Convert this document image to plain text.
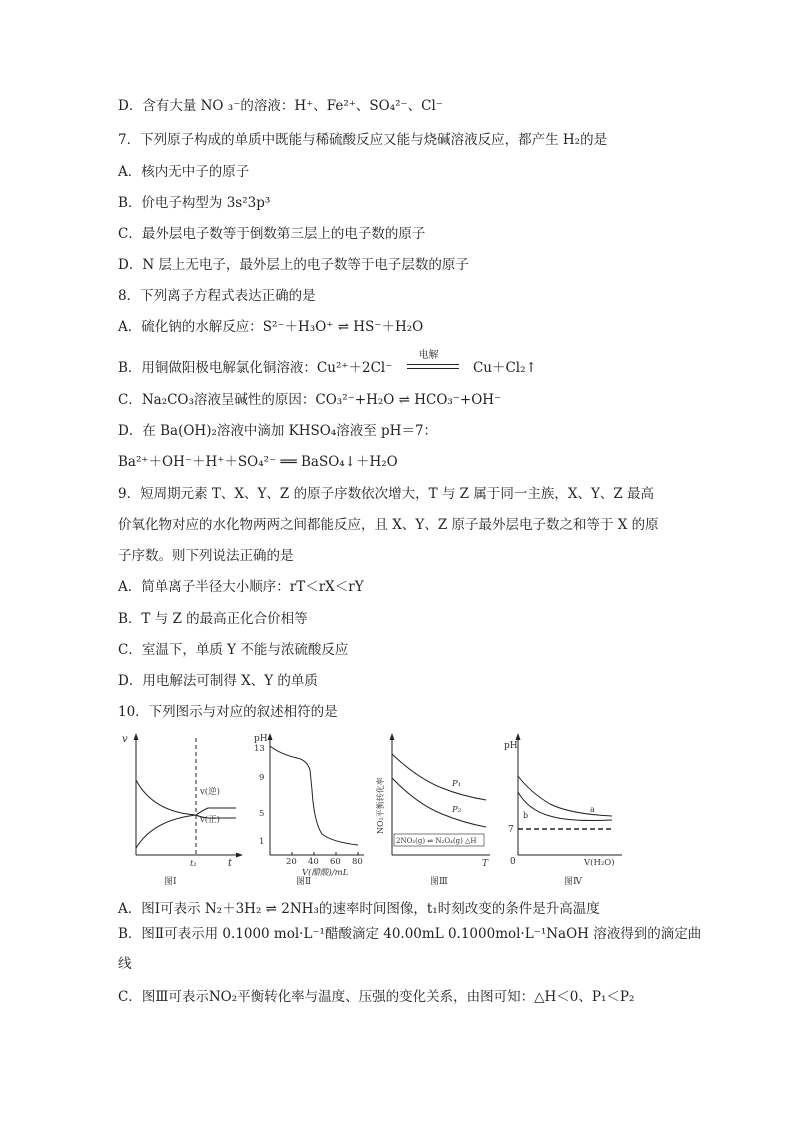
D．含有大量 NO ₃⁻的溶液：H⁺、Fe²⁺、SO₄²⁻、Cl⁻
7．下列原子构成的单质中既能与稀硫酸反应又能与烧碱溶液反应，都产生 H₂的是
A．核内无中子的原子
B．价电子构型为 3s²3p³
C．最外层电子数等于倒数第三层上的电子数的原子
D．N 层上无电子，最外层上的电子数等于电子层数的原子
8．下列离子方程式表达正确的是
A．硫化钠的水解反应：S²⁻＋H₃O⁺ ⇌ HS⁻＋H₂O
B．用铜做阳极电解氯化铜溶液：Cu²⁺＋2Cl⁻
电解
Cu＋Cl₂↑
C．Na₂CO₃溶液呈碱性的原因：CO₃²⁻+H₂O ⇌ HCO₃⁻+OH⁻
D．在 Ba(OH)₂溶液中滴加 KHSO₄溶液至 pH＝7：
Ba²⁺＋OH⁻＋H⁺＋SO₄²⁻ ══ BaSO₄↓＋H₂O
9．短周期元素 T、X、Y、Z 的原子序数依次增大，T 与 Z 属于同一主族，X、Y、Z 最高
价氧化物对应的水化物两两之间都能反应，且 X、Y、Z 原子最外层电子数之和等于 X 的原
子序数。则下列说法正确的是
A．简单离子半径大小顺序：rT＜rX＜rY
B．T 与 Z 的最高正化合价相等
C．室温下，单质 Y 不能与浓硫酸反应
D．用电解法可制得 X、Y 的单质
10．下列图示与对应的叙述相符的是
v
t
v(逆)
v(正)
t₁
图Ⅰ
pH
13
9
5
1
20 40 60 80
V(醋酸)/mL
图Ⅱ
NO₂平衡转化率	P₁
P₂
2NO₂(g) ⇌ N₂O₄(g) △H
T
图Ⅲ
pH
7
0
a
b
V(H₂O)
图Ⅳ
A．图Ⅰ可表示 N₂＋3H₂ ⇌ 2NH₃的速率时间图像，t₁时刻改变的条件是升高温度
B．图Ⅱ可表示用 0.1000 mol·L⁻¹醋酸滴定 40.00mL 0.1000mol·L⁻¹NaOH 溶液得到的滴定曲
线
C．图Ⅲ可表示NO₂平衡转化率与温度、压强的变化关系，由图可知：△H＜0、P₁＜P₂
